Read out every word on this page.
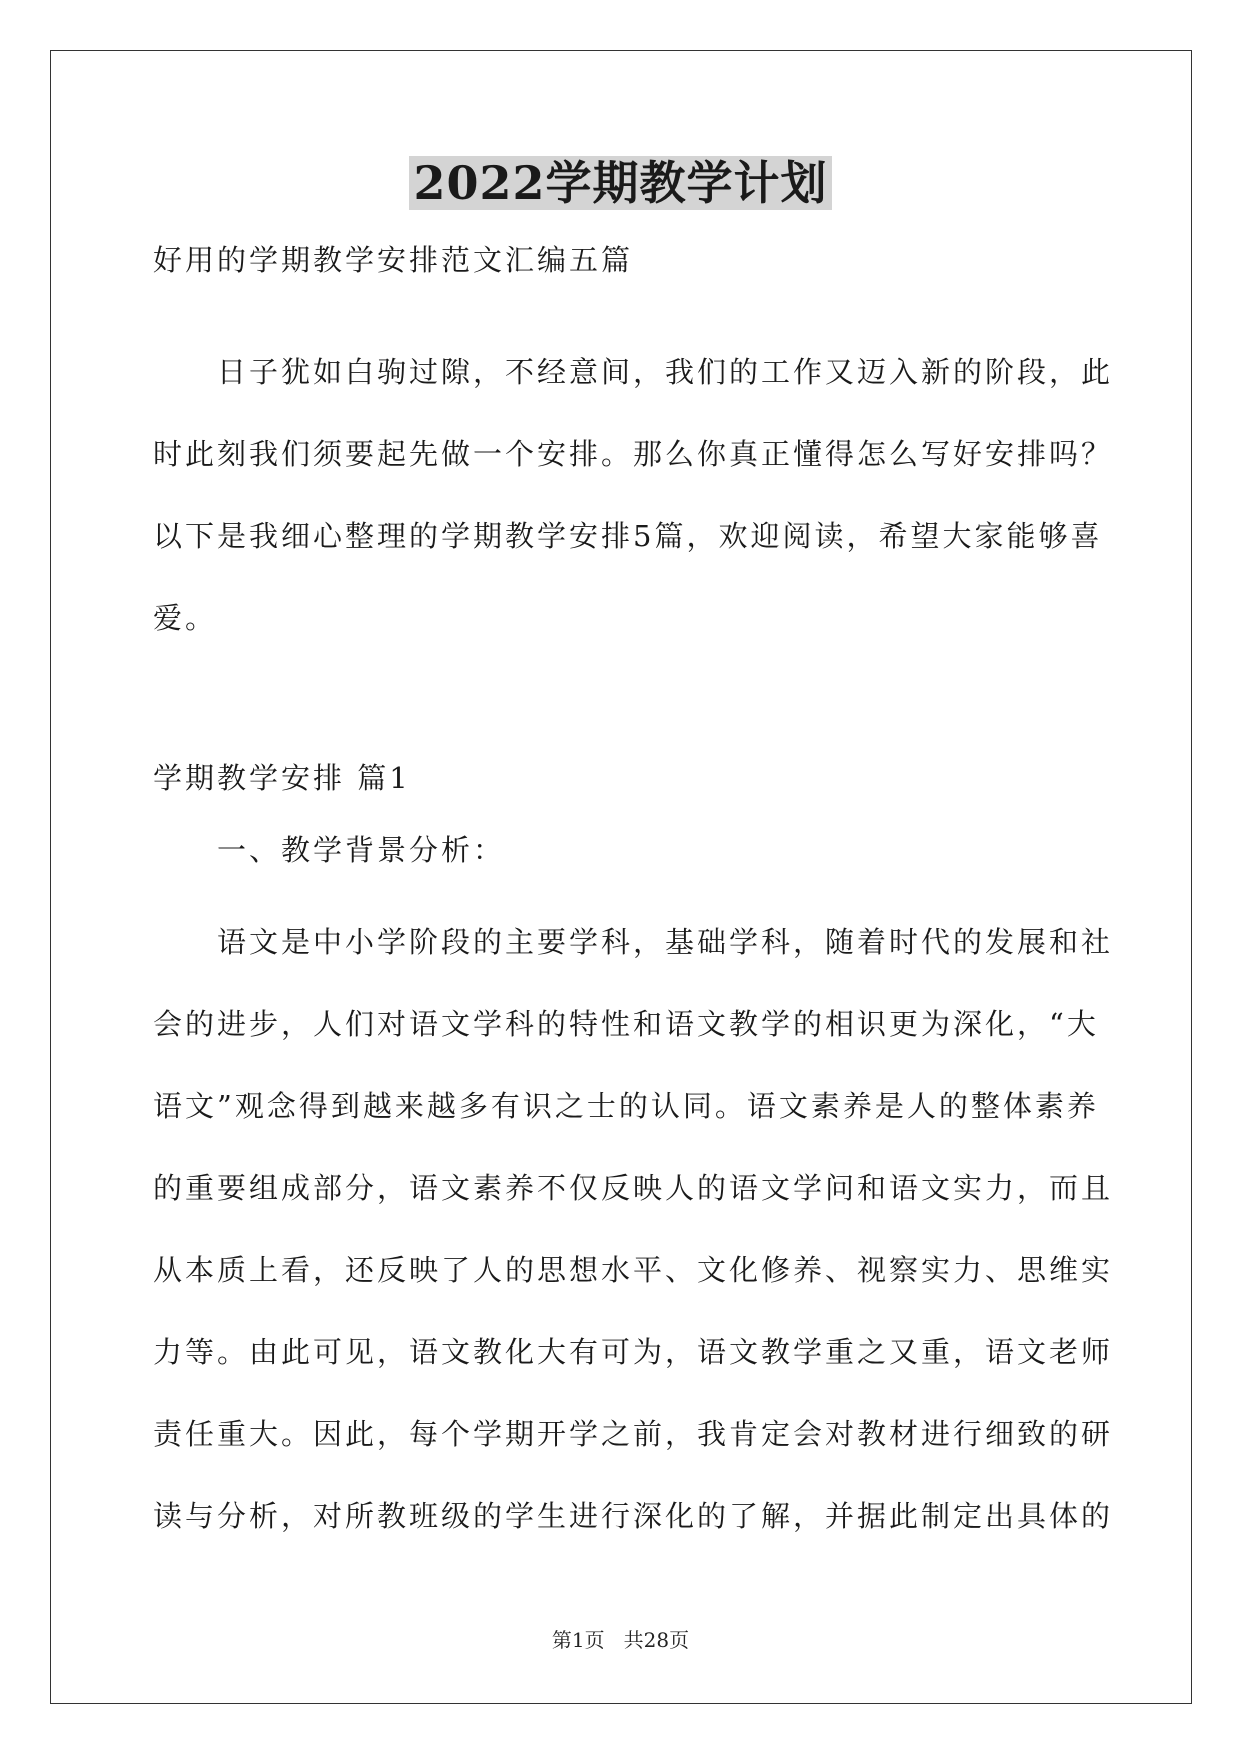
2022学期教学计划
好用的学期教学安排范文汇编五篇
日子犹如白驹过隙，不经意间，我们的工作又迈入新的阶段，此
时此刻我们须要起先做一个安排。那么你真正懂得怎么写好安排吗？
以下是我细心整理的学期教学安排5篇，欢迎阅读，希望大家能够喜
爱。
学期教学安排 篇1
一、教学背景分析：
语文是中小学阶段的主要学科，基础学科，随着时代的发展和社
会的进步，人们对语文学科的特性和语文教学的相识更为深化，“大
语文”观念得到越来越多有识之士的认同。语文素养是人的整体素养
的重要组成部分，语文素养不仅反映人的语文学问和语文实力，而且
从本质上看，还反映了人的思想水平、文化修养、视察实力、思维实
力等。由此可见，语文教化大有可为，语文教学重之又重，语文老师
责任重大。因此，每个学期开学之前，我肯定会对教材进行细致的研
读与分析，对所教班级的学生进行深化的了解，并据此制定出具体的
第1页   共28页
